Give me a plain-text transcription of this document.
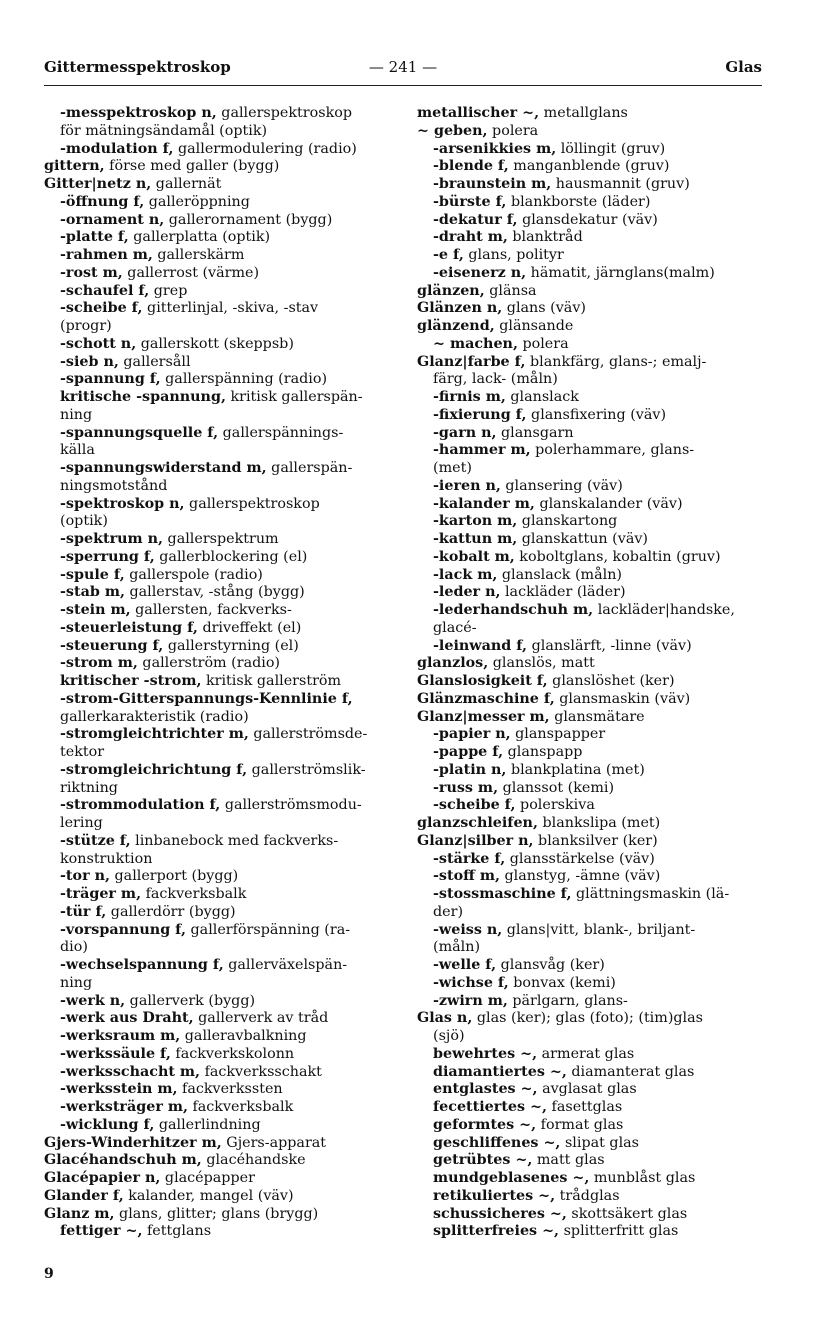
Gittermesspektroskop	— 241 —	Glas
-messpektroskop n, gallerspektroskop
för mätningsändamål (optik)
-modulation f, gallermodulering (radio)
gittern, förse med galler (bygg)
Gitter|netz n, gallernät
-öffnung f, galleröppning
-ornament n, gallerornament (bygg)
-platte f, gallerplatta (optik)
-rahmen m, gallerskärm
-rost m, gallerrost (värme)
-schaufel f, grep
-scheibe f, gitterlinjal, -skiva, -stav
(progr)
-schott n, gallerskott (skeppsb)
-sieb n, gallersåll
-spannung f, gallerspänning (radio)
kritische -spannung, kritisk gallerspän-
ning
-spannungsquelle f, gallerspännings-
källa
-spannungswiderstand m, gallerspän-
ningsmotstånd
-spektroskop n, gallerspektroskop
(optik)
-spektrum n, gallerspektrum
-sperrung f, gallerblockering (el)
-spule f, gallerspole (radio)
-stab m, gallerstav, -stång (bygg)
-stein m, gallersten, fackverks-
-steuerleistung f, driveffekt (el)
-steuerung f, gallerstyrning (el)
-strom m, gallerström (radio)
kritischer -strom, kritisk gallerström
-strom-Gitterspannungs-Kennlinie f,
gallerkarakteristik (radio)
-stromgleichtrichter m, gallerströmsde-
tektor
-stromgleichrichtung f, gallerströmslik-
riktning
-strommodulation f, gallerströmsmodu-
lering
-stütze f, linbanebock med fackverks-
konstruktion
-tor n, gallerport (bygg)
-träger m, fackverksbalk
-tür f, gallerdörr (bygg)
-vorspannung f, gallerförspänning (ra-
dio)
-wechselspannung f, gallerväxelspän-
ning
-werk n, gallerverk (bygg)
-werk aus Draht, gallerverk av tråd
-werksraum m, galleravbalkning
-werkssäule f, fackverkskolonn
-werksschacht m, fackverksschakt
-werksstein m, fackverkssten
-werksträger m, fackverksbalk
-wicklung f, gallerlindning
Gjers-Winderhitzer m, Gjers-apparat
Glacéhandschuh m, glacéhandske
Glacépapier n, glacépapper
Glander f, kalander, mangel (väv)
Glanz m, glans, glitter; glans (brygg)
fettiger ~, fettglans
metallischer ~, metallglans
~ geben, polera
-arsenikkies m, löllingit (gruv)
-blende f, manganblende (gruv)
-braunstein m, hausmannit (gruv)
-bürste f, blankborste (läder)
-dekatur f, glansdekatur (väv)
-draht m, blanktråd
-e f, glans, polityr
-eisenerz n, hämatit, järnglans(malm)
glänzen, glänsa
Glänzen n, glans (väv)
glänzend, glänsande
~ machen, polera
Glanz|farbe f, blankfärg, glans-; emalj-
färg, lack- (måln)
-firnis m, glanslack
-fixierung f, glansfixering (väv)
-garn n, glansgarn
-hammer m, polerhammare, glans-
(met)
-ieren n, glansering (väv)
-kalander m, glanskalander (väv)
-karton m, glanskartong
-kattun m, glanskattun (väv)
-kobalt m, koboltglans, kobaltin (gruv)
-lack m, glanslack (måln)
-leder n, lackläder (läder)
-lederhandschuh m, lackläder|handske,
glacé-
-leinwand f, glanslärft, -linne (väv)
glanzlos, glanslös, matt
Glanslosigkeit f, glanslöshet (ker)
Glänzmaschine f, glansmaskin (väv)
Glanz|messer m, glansmätare
-papier n, glanspapper
-pappe f, glanspapp
-platin n, blankplatina (met)
-russ m, glanssot (kemi)
-scheibe f, polerskiva
glanzschleifen, blankslipa (met)
Glanz|silber n, blanksilver (ker)
-stärke f, glansstärkelse (väv)
-stoff m, glanstyg, -ämne (väv)
-stossmaschine f, glättningsmaskin (lä-
der)
-weiss n, glans|vitt, blank-, briljant-
(måln)
-welle f, glansvåg (ker)
-wichse f, bonvax (kemi)
-zwirn m, pärlgarn, glans-
Glas n, glas (ker); glas (foto); (tim)glas
(sjö)
bewehrtes ~, armerat glas
diamantiertes ~, diamanterat glas
entglastes ~, avglasat glas
fecettiertes ~, fasettglas
geformtes ~, format glas
geschliffenes ~, slipat glas
getrübtes ~, matt glas
mundgeblasenes ~, munblåst glas
retikuliertes ~, trådglas
schussicheres ~, skottsäkert glas
splitterfreies ~, splitterfritt glas
9
